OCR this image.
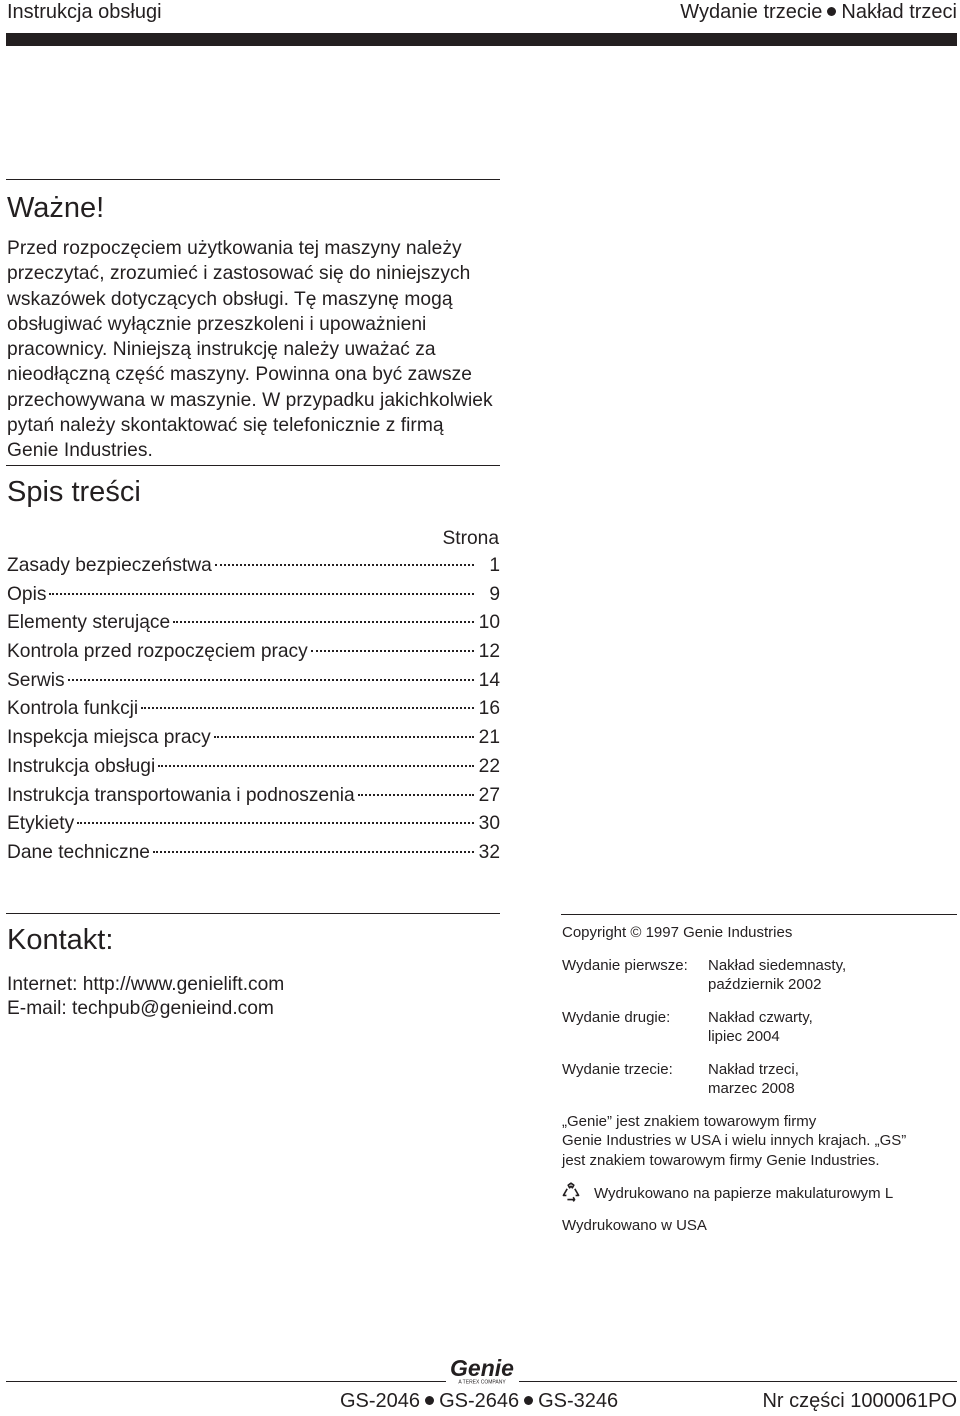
Instrukcja obsługi	Wydanie trzecie Nakład trzeci
Ważne!
Przed rozpoczęciem użytkowania tej maszyny należy przeczytać, zrozumieć i zastosować się do niniejszych wskazówek dotyczących obsługi. Tę maszynę mogą obsługiwać wyłącznie przeszkoleni i upoważnieni pracownicy. Niniejszą instrukcję należy uważać za nieodłączną część maszyny. Powinna ona być zawsze przechowywana w maszynie. W przypadku jakichkolwiek pytań należy skontaktować się telefonicznie z firmą Genie Industries.
Spis treści
Strona
Zasady bezpieczeństwa	1
Opis	9
Elementy sterujące	10
Kontrola przed rozpoczęciem pracy	12
Serwis	14
Kontrola funkcji	16
Inspekcja miejsca pracy	21
Instrukcja obsługi	22
Instrukcja transportowania i podnoszenia	27
Etykiety	30
Dane techniczne	32
Kontakt:
Internet: http://www.genielift.com
E-mail: techpub@genieind.com
Copyright © 1997 Genie Industries
Wydanie pierwsze: Nakład siedemnasty,
październik 2002
Wydanie drugie:	Nakład czwarty,
lipiec 2004
Wydanie trzecie: Nakład trzeci,
marzec 2008
„Genie” jest znakiem towarowym firmy
Genie Industries w USA i wielu innych krajach. „GS”
jest znakiem towarowym firmy Genie Industries.
Wydrukowano na papierze makulaturowym L
Wydrukowano w USA
Genie
A TEREX COMPANY
GS-2046 GS-2646 GS-3246	Nr części 1000061PO
